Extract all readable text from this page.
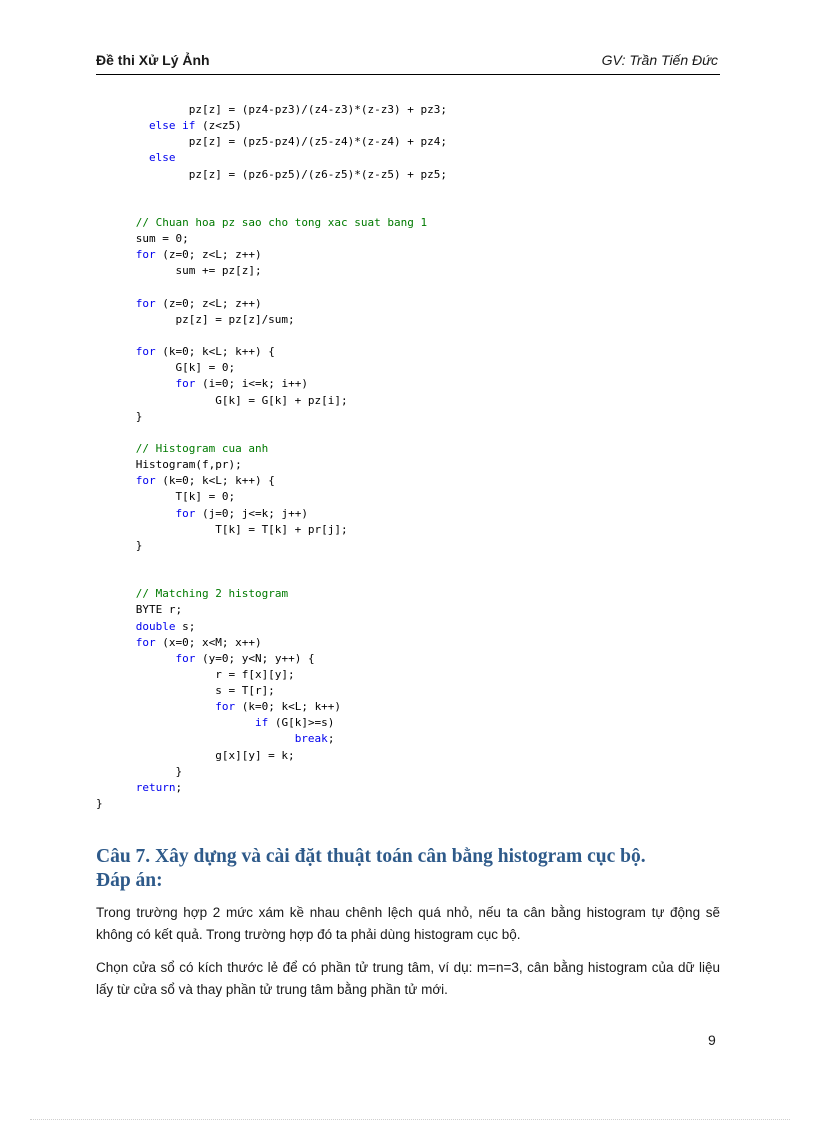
Đề thi Xử Lý Ảnh	GV: Trần Tiến Đức
pz[z] = (pz4-pz3)/(z4-z3)*(z-z3) + pz3;
else if (z<z5)
pz[z] = (pz5-pz4)/(z5-z4)*(z-z4) + pz4;
else
pz[z] = (pz6-pz5)/(z6-z5)*(z-z5) + pz5;

// Chuan hoa pz sao cho tong xac suat bang 1
sum = 0;
for (z=0; z<L; z++)
sum += pz[z];

for (z=0; z<L; z++)
pz[z] = pz[z]/sum;

for (k=0; k<L; k++) {
G[k] = 0;
for (i=0; i<=k; i++)
G[k] = G[k] + pz[i];
}

// Histogram cua anh
Histogram(f,pr);
for (k=0; k<L; k++) {
T[k] = 0;
for (j=0; j<=k; j++)
T[k] = T[k] + pr[j];
}

// Matching 2 histogram
BYTE r;
double s;
for (x=0; x<M; x++)
for (y=0; y<N; y++) {
r = f[x][y];
s = T[r];
for (k=0; k<L; k++)
if (G[k]>=s)
break;
g[x][y] = k;
}
return;
}
Câu 7. Xây dựng và cài đặt thuật toán cân bằng histogram cục bộ.
Đáp án:

Trong trường hợp 2 mức xám kề nhau chênh lệch quá nhỏ, nếu ta cân bằng histogram tự động sẽ không có kết quả. Trong trường hợp đó ta phải dùng histogram cục bộ.

Chọn cửa sổ có kích thước lẻ để có phần tử trung tâm, ví dụ: m=n=3, cân bằng histogram của dữ liệu lấy từ cửa sổ và thay phần tử trung tâm bằng phần tử mới.

9
